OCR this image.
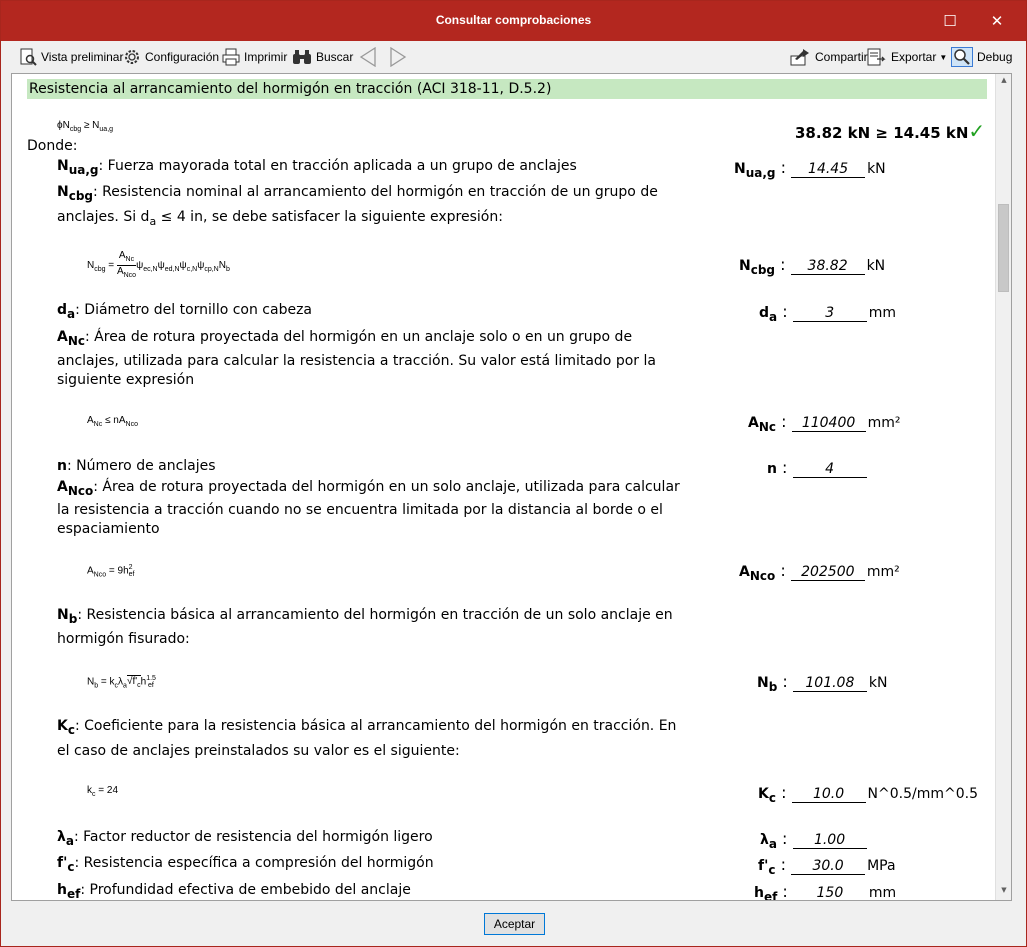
Consultar comprobaciones	☐	✕
Vista preliminar Configuración Imprimir Buscar	Compartir Exportar ▼ Debug
Resistencia al arrancamiento del hormigón en tracción (ACI 318-11, D.5.2)
$\phi N_{cbg} \ge N_{ua,g}$	38.82 kN ≥ 14.45 kN✓
Donde:
$N_{ua,g}$: Fuerza mayorada total en tracción aplicada a un grupo de anclajes	$N_{ua,g}$ : 14.45 kN
$N_{cbg}$: Resistencia nominal al arrancamiento del hormigón en tracción de un grupo de
anclajes. Si $d_a \le 4$ in, se debe satisfacer la siguiente expresión:
$N_{cbg}$ =
$A_{Nc}$
$A_{Nco}$
$\psi_{ec,N}\psi_{ed,N}\psi_{c,N}\psi_{cp,N}N_b$	$N_{cbg}$ : 38.82 kN
$d_a$: Diámetro del tornillo con cabeza	$d_a$ : 3 mm
$A_{Nc}$: Área de rotura proyectada del hormigón en un anclaje solo o en un grupo de
anclajes, utilizada para calcular la resistencia a tracción. Su valor está limitado por la
siguiente expresión
$A_{Nc} \le nA_{Nco}$	$A_{Nc}$ : 110400 mm²
n: Número de anclajes	n : 4
$A_{Nco}$: Área de rotura proyectada del hormigón en un solo anclaje, utilizada para calcular
la resistencia a tracción cuando no se encuentra limitada por la distancia al borde o el
espaciamiento
$A_{Nco} = 9h^2_{ef}$	$A_{Nco}$ : 202500 mm²
$N_b$: Resistencia básica al arrancamiento del hormigón en tracción de un solo anclaje en
hormigón fisurado:
$N_b = k_c\lambda_a√f'_ch^{1.5}_{ef}$	$N_b$ : 101.08 kN
$K_c$: Coeficiente para la resistencia básica al arrancamiento del hormigón en tracción. En
el caso de anclajes preinstalados su valor es el siguiente:
$k_c = 24$	$K_c$ : 10.0 N^0.5/mm^0.5
$\lambda_a$: Factor reductor de resistencia del hormigón ligero	$\lambda_a$ : 1.00
$f'_c$: Resistencia específica a compresión del hormigón	$f'_c$ : 30.0 MPa
$h_{ef}$: Profundidad efectiva de embebido del anclaje	$h_{ef}$ : 150 mm
▲
▼
Aceptar
